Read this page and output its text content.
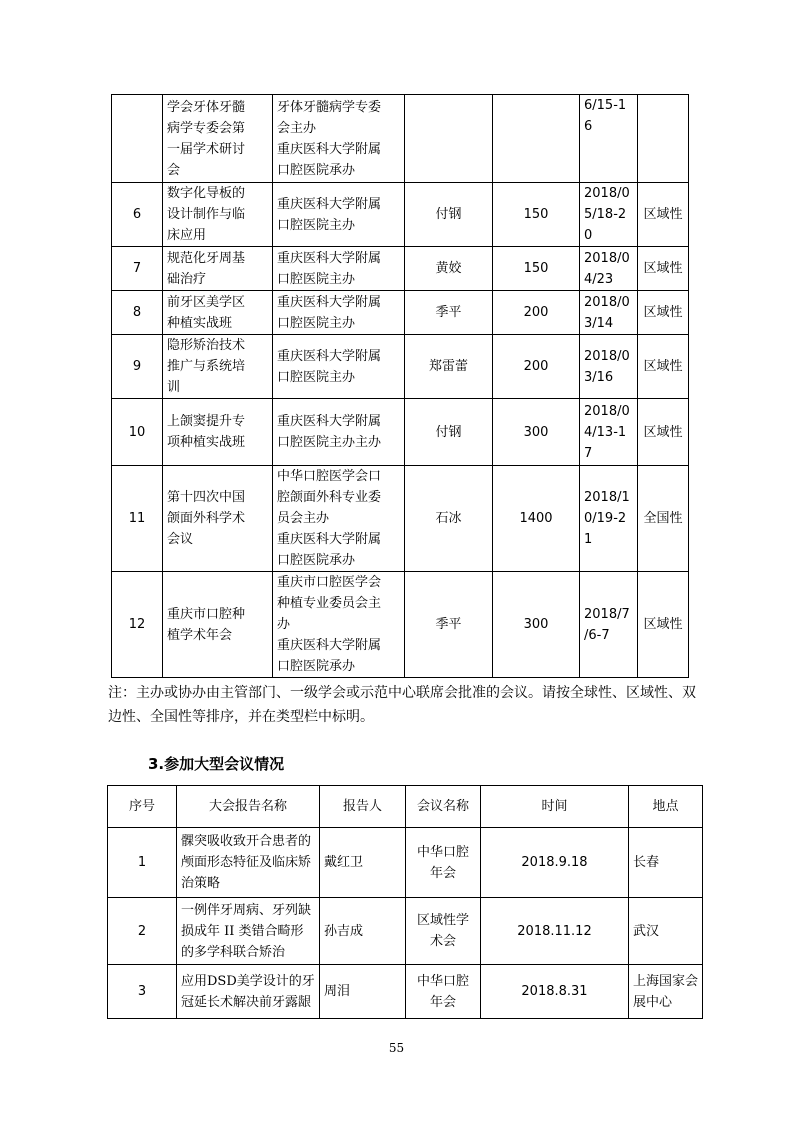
	学会牙体牙髓
病学专委会第
一届学术研讨
会	牙体牙髓病学专委
会主办
重庆医科大学附属
口腔医院承办			6/15-1
6	
6	数字化导板的
设计制作与临
床应用	重庆医科大学附属
口腔医院主办	付钢	150	2018/0
5/18-2
0	区域性
7	规范化牙周基
础治疗	重庆医科大学附属
口腔医院主办	黄姣	150	2018/0
4/23	区域性
8	前牙区美学区
种植实战班	重庆医科大学附属
口腔医院主办	季平	200	2018/0
3/14	区域性
9	隐形矫治技术
推广与系统培
训	重庆医科大学附属
口腔医院主办	郑雷蕾	200	2018/0
3/16	区域性
10	上颌窦提升专
项种植实战班	重庆医科大学附属
口腔医院主办主办	付钢	300	2018/0
4/13-1
7	区域性
11	第十四次中国
颌面外科学术
会议	中华口腔医学会口
腔颌面外科专业委
员会主办
重庆医科大学附属
口腔医院承办	石冰	1400	2018/1
0/19-2
1	全国性
12	重庆市口腔种
植学术年会	重庆市口腔医学会
种植专业委员会主
办
重庆医科大学附属
口腔医院承办	季平	300	2018/7
/6-7	区域性
注：主办或协办由主管部门、一级学会或示范中心联席会批准的会议。请按全球性、区域性、双边性、全国性等排序，并在类型栏中标明。
3.参加大型会议情况
序号	大会报告名称	报告人	会议名称	时间	地点
1	髁突吸收致开合患者的
颅面形态特征及临床矫
治策略	戴红卫	中华口腔
年会	2018.9.18	长春
2	一例伴牙周病、牙列缺
损成年 II 类错合畸形
的多学科联合矫治	孙吉成	区域性学
术会	2018.11.12	武汉
3	应用DSD美学设计的牙
冠延长术解决前牙露龈	周泪	中华口腔
年会	2018.8.31	上海国家会
展中心
55
